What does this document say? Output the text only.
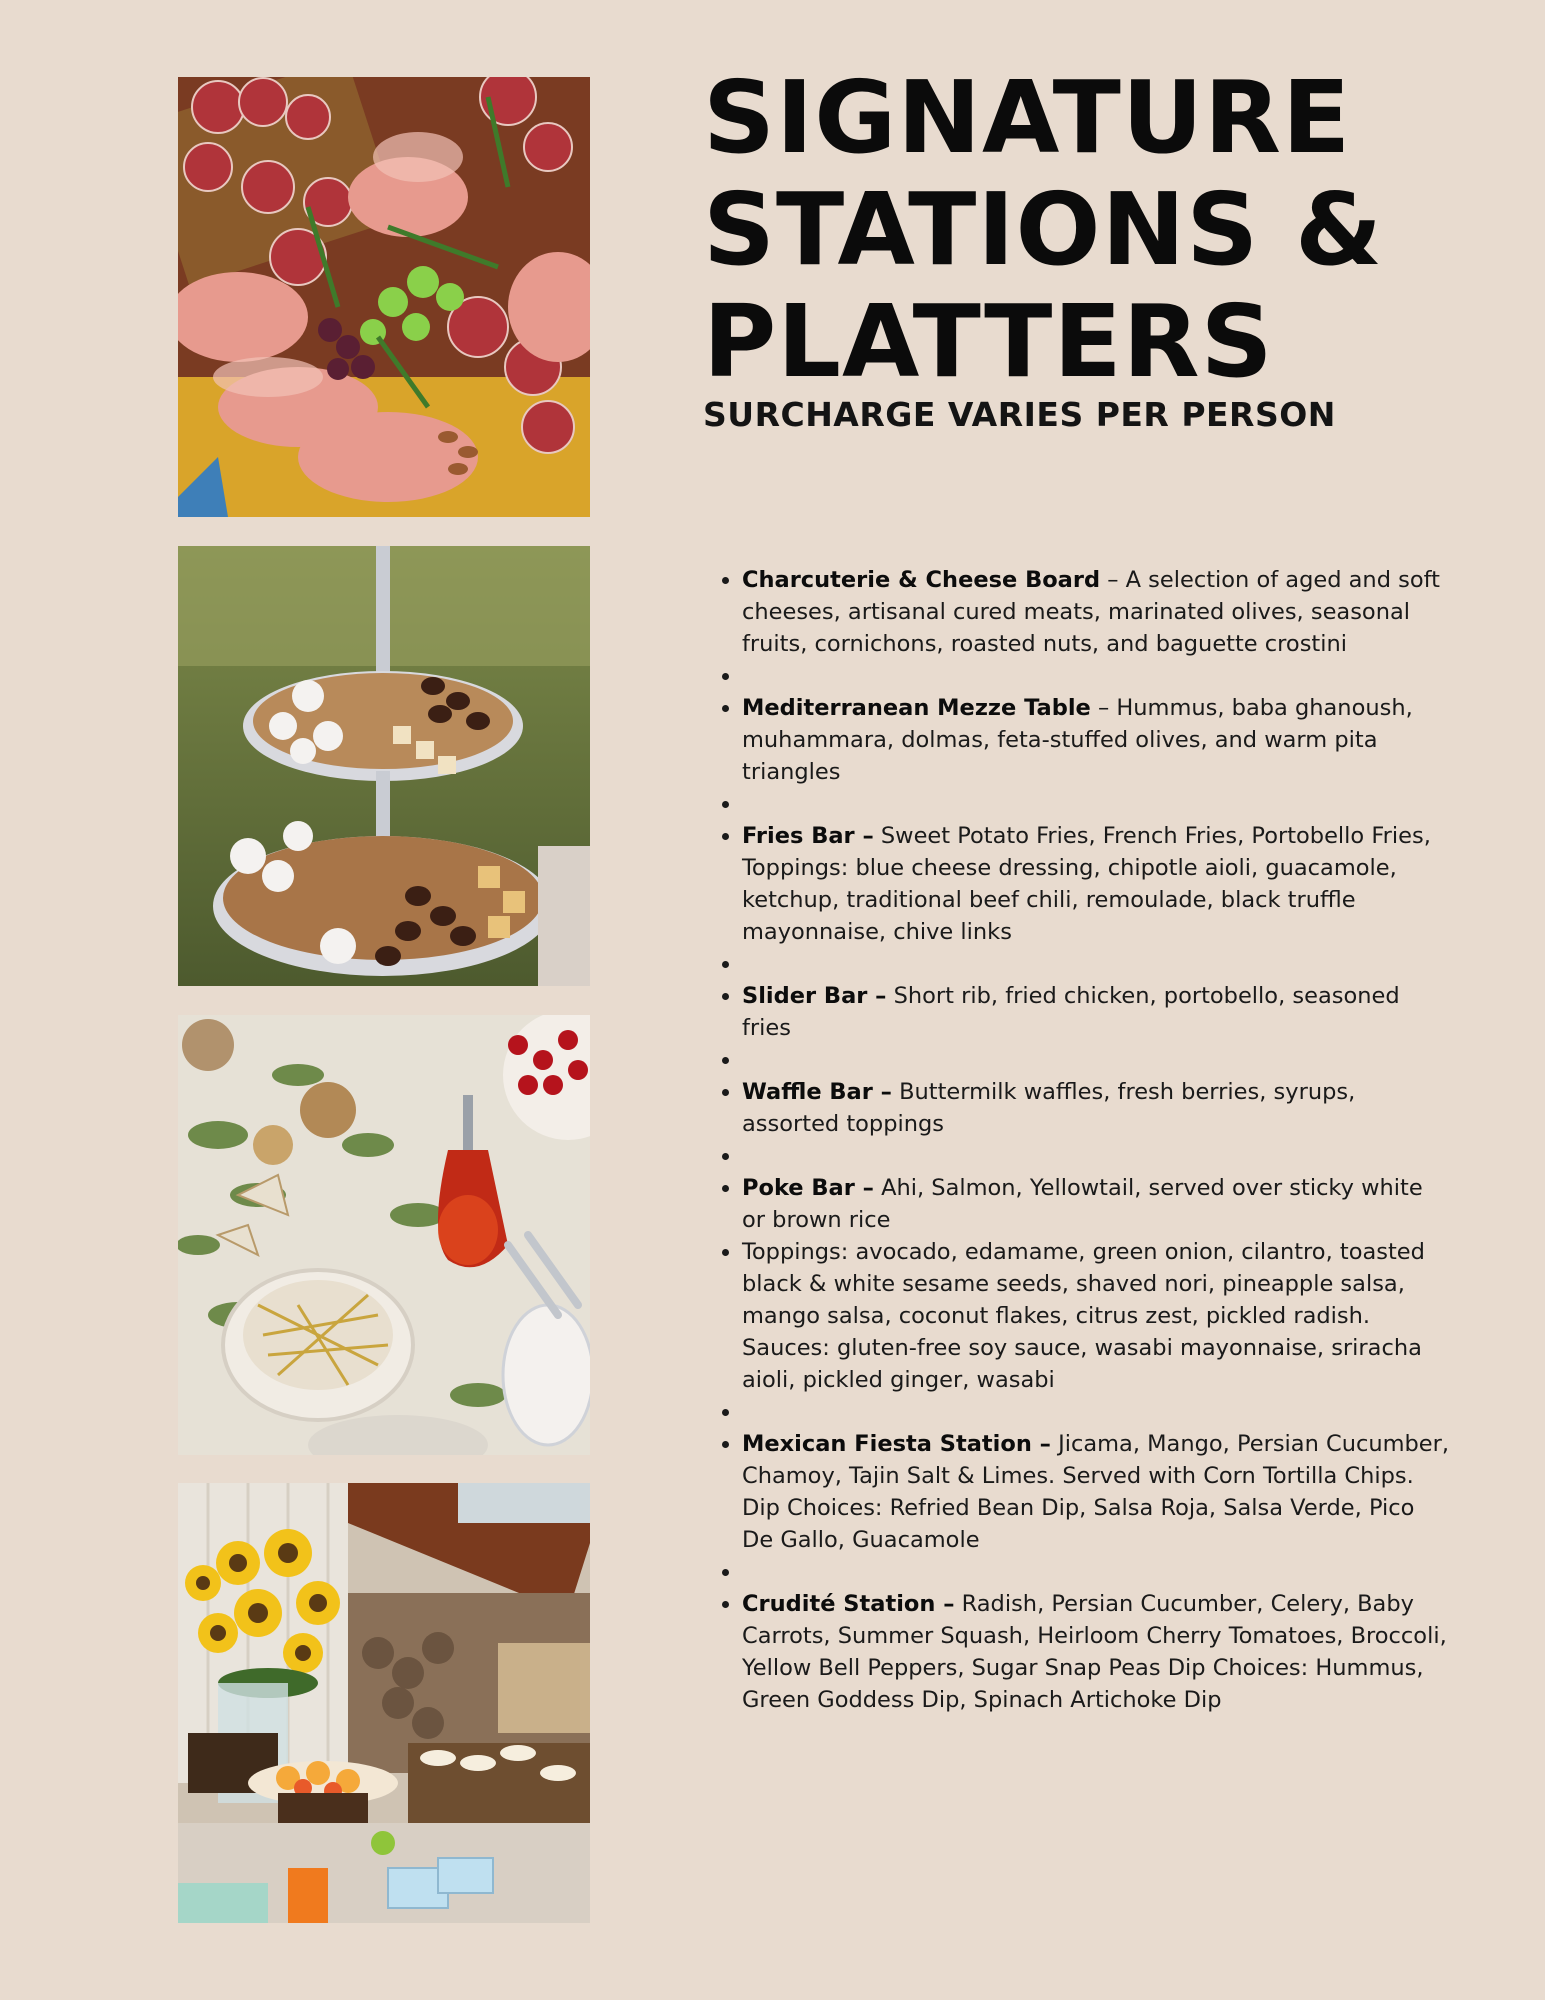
SIGNATURE
STATIONS &
PLATTERS
SURCHARGE VARIES PER PERSON
• Charcuterie & Cheese Board – A selection of aged and soft cheeses, artisanal cured meats, marinated olives, seasonal fruits, cornichons, roasted nuts, and baguette crostini
•
• Mediterranean Mezze Table – Hummus, baba ghanoush, muhammara, dolmas, feta-stuffed olives, and warm pita triangles
•
• Fries Bar – Sweet Potato Fries, French Fries, Portobello Fries, Toppings: blue cheese dressing, chipotle aioli, guacamole, ketchup, traditional beef chili, remoulade, black truffle mayonnaise, chive links
•
• Slider Bar – Short rib, fried chicken, portobello, seasoned fries
•
• Waffle Bar – Buttermilk waffles, fresh berries, syrups, assorted toppings
•
• Poke Bar – Ahi, Salmon, Yellowtail, served over sticky white or brown rice
• Toppings: avocado, edamame, green onion, cilantro, toasted black & white sesame seeds, shaved nori, pineapple salsa, mango salsa, coconut flakes, citrus zest, pickled radish. Sauces: gluten-free soy sauce, wasabi mayonnaise, sriracha aioli, pickled ginger, wasabi
•
• Mexican Fiesta Station – Jicama, Mango, Persian Cucumber, Chamoy, Tajin Salt & Limes. Served with Corn Tortilla Chips. Dip Choices: Refried Bean Dip, Salsa Roja, Salsa Verde, Pico De Gallo, Guacamole
•
• Crudité Station – Radish, Persian Cucumber, Celery, Baby Carrots, Summer Squash, Heirloom Cherry Tomatoes, Broccoli, Yellow Bell Peppers, Sugar Snap Peas Dip Choices: Hummus, Green Goddess Dip, Spinach Artichoke Dip
